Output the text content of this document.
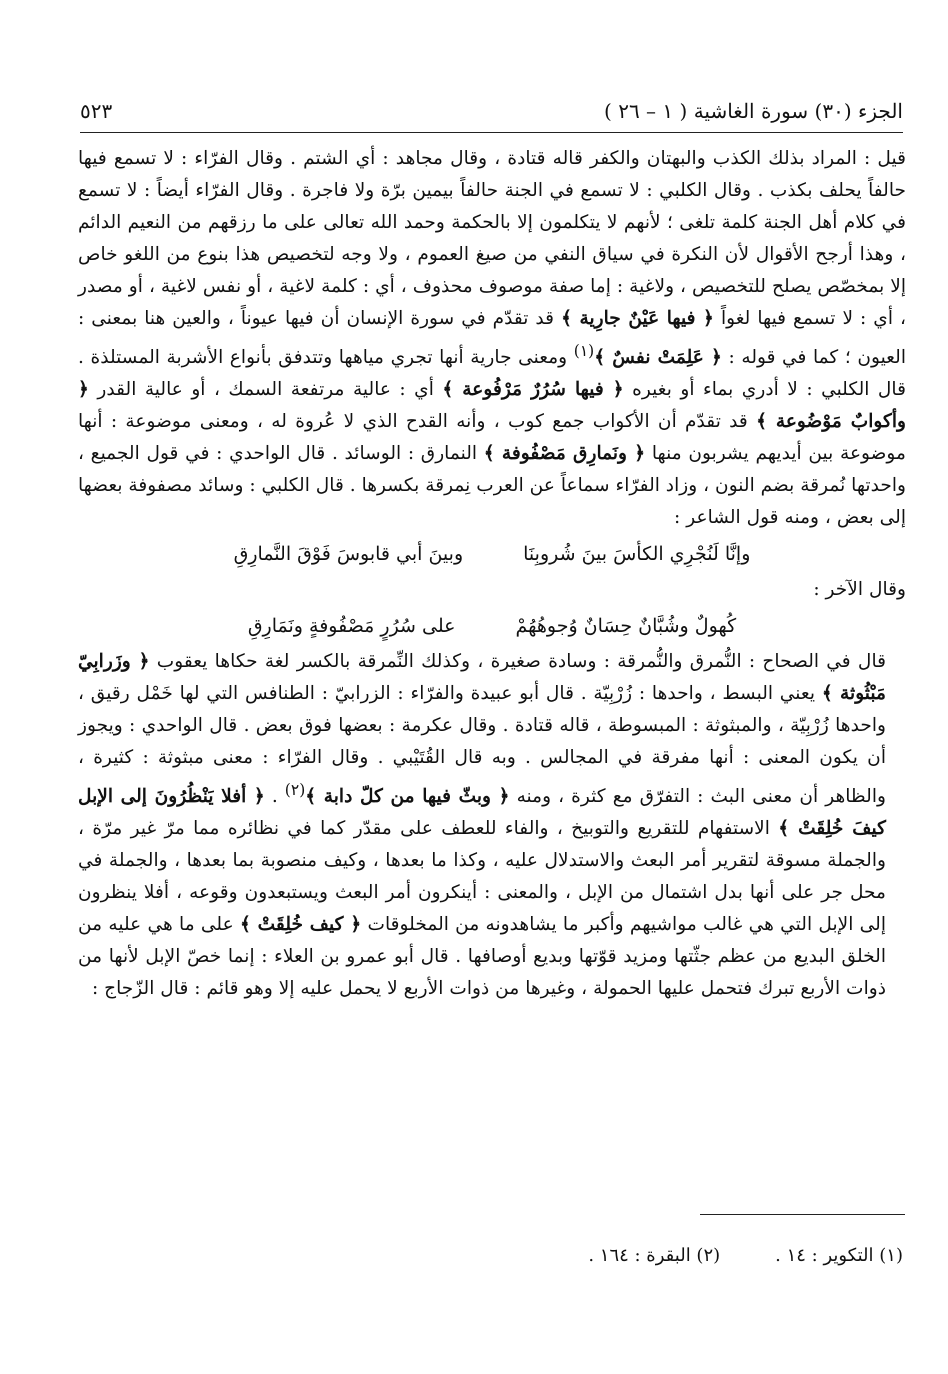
الجزء (٣٠) سورة الغاشية ( ١ – ٢٦ )
٥٢٣

قيل : المراد بذلك الكذب والبهتان والكفر قاله قتادة ، وقال مجاهد : أي الشتم . وقال الفرّاء : لا تسمع فيها حالفاً يحلف بكذب . وقال الكلبي : لا تسمع في الجنة حالفاً بيمين برّة ولا فاجرة . وقال الفرّاء أيضاً : لا تسمع في كلام أهل الجنة كلمة تلغى ؛ لأنهم لا يتكلمون إلا بالحكمة وحمد الله تعالى على ما رزقهم من النعيم الدائم ، وهذا أرجح الأقوال لأن النكرة في سياق النفي من صيغ العموم ، ولا وجه لتخصيص هذا بنوع من اللغو خاص إلا بمخصّص يصلح للتخصيص ، ولاغية : إما صفة موصوف محذوف ، أي : كلمة لاغية ، أو نفس لاغية ، أو مصدر ، أي : لا تسمع فيها لغواً ﴿ فيها عَيْنٌ جارِية ﴾ قد تقدّم في سورة الإنسان أن فيها عيوناً ، والعين هنا بمعنى : العيون ؛ كما في قوله : ﴿ عَلِمَتْ نفسٌ ﴾$^{(١)}$ ومعنى جارية أنها تجري مياهها وتتدفق بأنواع الأشربة المستلذة . قال الكلبي : لا أدري بماء أو بغيره ﴿ فيها سُرُرٌ مَرْفُوعة ﴾ أي : عالية مرتفعة السمك ، أو عالية القدر ﴿ وأكوابٌ مَوْضُوعة ﴾ قد تقدّم أن الأكواب جمع كوب ، وأنه القدح الذي لا عُروة له ، ومعنى موضوعة : أنها موضوعة بين أيديهم يشربون منها ﴿ ونَمارِق مَصْفُوفة ﴾ النمارق : الوسائد . قال الواحدي : في قول الجميع ، واحدتها نُمرقة بضم النون ، وزاد الفرّاء سماعاً عن العرب نِمرقة بكسرها . قال الكلبي : وسائد مصفوفة بعضها إلى بعض ، ومنه قول الشاعر :

وإنَّا لَنُجْرِي الكأسَ بينَ شُروبِنَا
وبينَ أبي قابوسَ فَوْقَ النَّمارِقِ

وقال الآخر :

كُهولٌ وشُبَّانٌ حِسَانٌ وُجوهُهُمْ
على سُرُرٍ مَصْفُوفةٍ ونَمَارِقِ

قال في الصحاح : النُّمرق والنُّمرقة : وسادة صغيرة ، وكذلك النِّمرقة بالكسر لغة حكاها يعقوب ﴿ وزَرابِيّ مَبْثُوثة ﴾ يعني البسط ، واحدها : زُرْبِيّة . قال أبو عبيدة والفرّاء : الزرابيّ : الطنافس التي لها خَمْل رقيق ، واحدها زُرْبِيّة ، والمبثوثة : المبسوطة ، قاله قتادة . وقال عكرمة : بعضها فوق بعض . قال الواحدي : ويجوز أن يكون المعنى : أنها مفرقة في المجالس . وبه قال القُتَيْبي . وقال الفرّاء : معنى مبثوثة : كثيرة ، والظاهر أن معنى البث : التفرّق مع كثرة ، ومنه ﴿ وبثّ فيها من كلّ دابة ﴾$^{(٢)}$ . ﴿ أفلا يَنْظُرُونَ إلى الإبل كيفَ خُلِقَتْ ﴾ الاستفهام للتقريع والتوبيخ ، والفاء للعطف على مقدّر كما في نظائره مما مرّ غير مرّة ، والجملة مسوقة لتقرير أمر البعث والاستدلال عليه ، وكذا ما بعدها ، وكيف منصوبة بما بعدها ، والجملة في محل جر على أنها بدل اشتمال من الإبل ، والمعنى : أينكرون أمر البعث ويستبعدون وقوعه ، أفلا ينظرون إلى الإبل التي هي غالب مواشيهم وأكبر ما يشاهدونه من المخلوقات ﴿ كيف خُلِقَتْ ﴾ على ما هي عليه من الخلق البديع من عظم جثّتها ومزيد قوّتها وبديع أوصافها . قال أبو عمرو بن العلاء : إنما خصّ الإبل لأنها من ذوات الأربع تبرك فتحمل عليها الحمولة ، وغيرها من ذوات الأربع لا يحمل عليه إلا وهو قائم : قال الزّجاج :

(١) التكوير : ١٤ .
(٢) البقرة : ١٦٤ .
